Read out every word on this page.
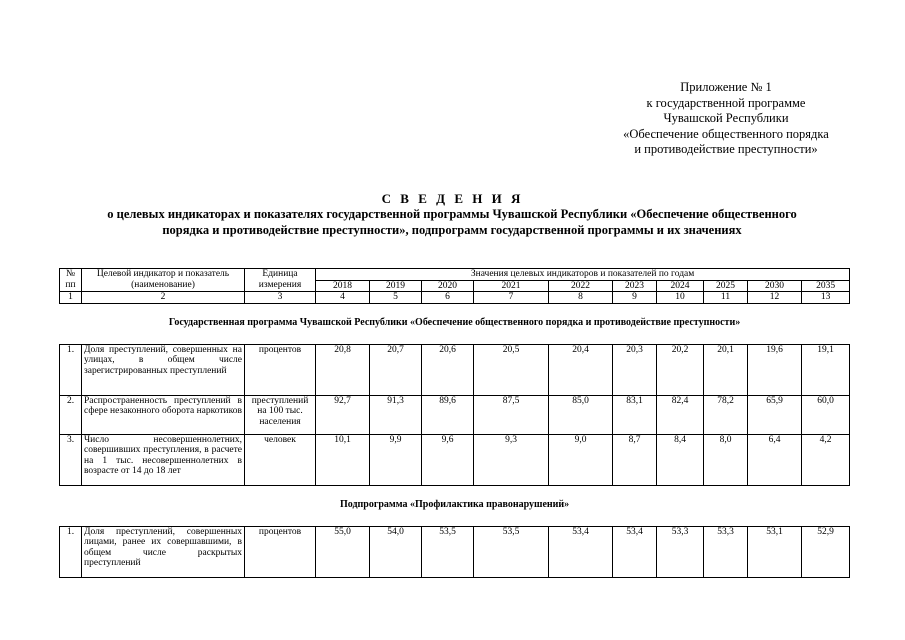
Приложение № 1
к государственной программе
Чувашской Республики
«Обеспечение общественного порядка
и противодействие преступности»
С В Е Д Е Н И Я
о целевых индикаторах и показателях государственной программы Чувашской Республики «Обеспечение общественного
порядка и противодействие преступности», подпрограмм государственной программы и их значениях
№ пп	Целевой индикатор и показатель (наименование)	Единица измерения	Значения целевых индикаторов и показателей по годам									
			2018	2019	2020	2021	2022	2023	2024	2025	2030	2035
1	2	3	4	5	6	7	8	9	10	11	12	13
Государственная программа Чувашской Республики «Обеспечение общественного порядка и противодействие преступности»												
1.	Доля преступлений, совершенных на улицах, в общем числе зарегистрированных преступлений	процентов	20,8	20,7	20,6	20,5	20,4	20,3	20,2	20,1	19,6	19,1
2.	Распространенность преступлений в сфере незаконного оборота наркотиков	преступлений на 100 тыс. населения	92,7	91,3	89,6	87,5	85,0	83,1	82,4	78,2	65,9	60,0
3.	Число несовершеннолетних, совершивших преступления, в расчете на 1 тыс. несовершеннолетних в возрасте от 14 до 18 лет	человек	10,1	9,9	9,6	9,3	9,0	8,7	8,4	8,0	6,4	4,2
Подпрограмма «Профилактика правонарушений»												
1.	Доля преступлений, совершенных лицами, ранее их совершавшими, в общем числе раскрытых преступлений	процентов	55,0	54,0	53,5	53,5	53,4	53,4	53,3	53,3	53,1	52,9
